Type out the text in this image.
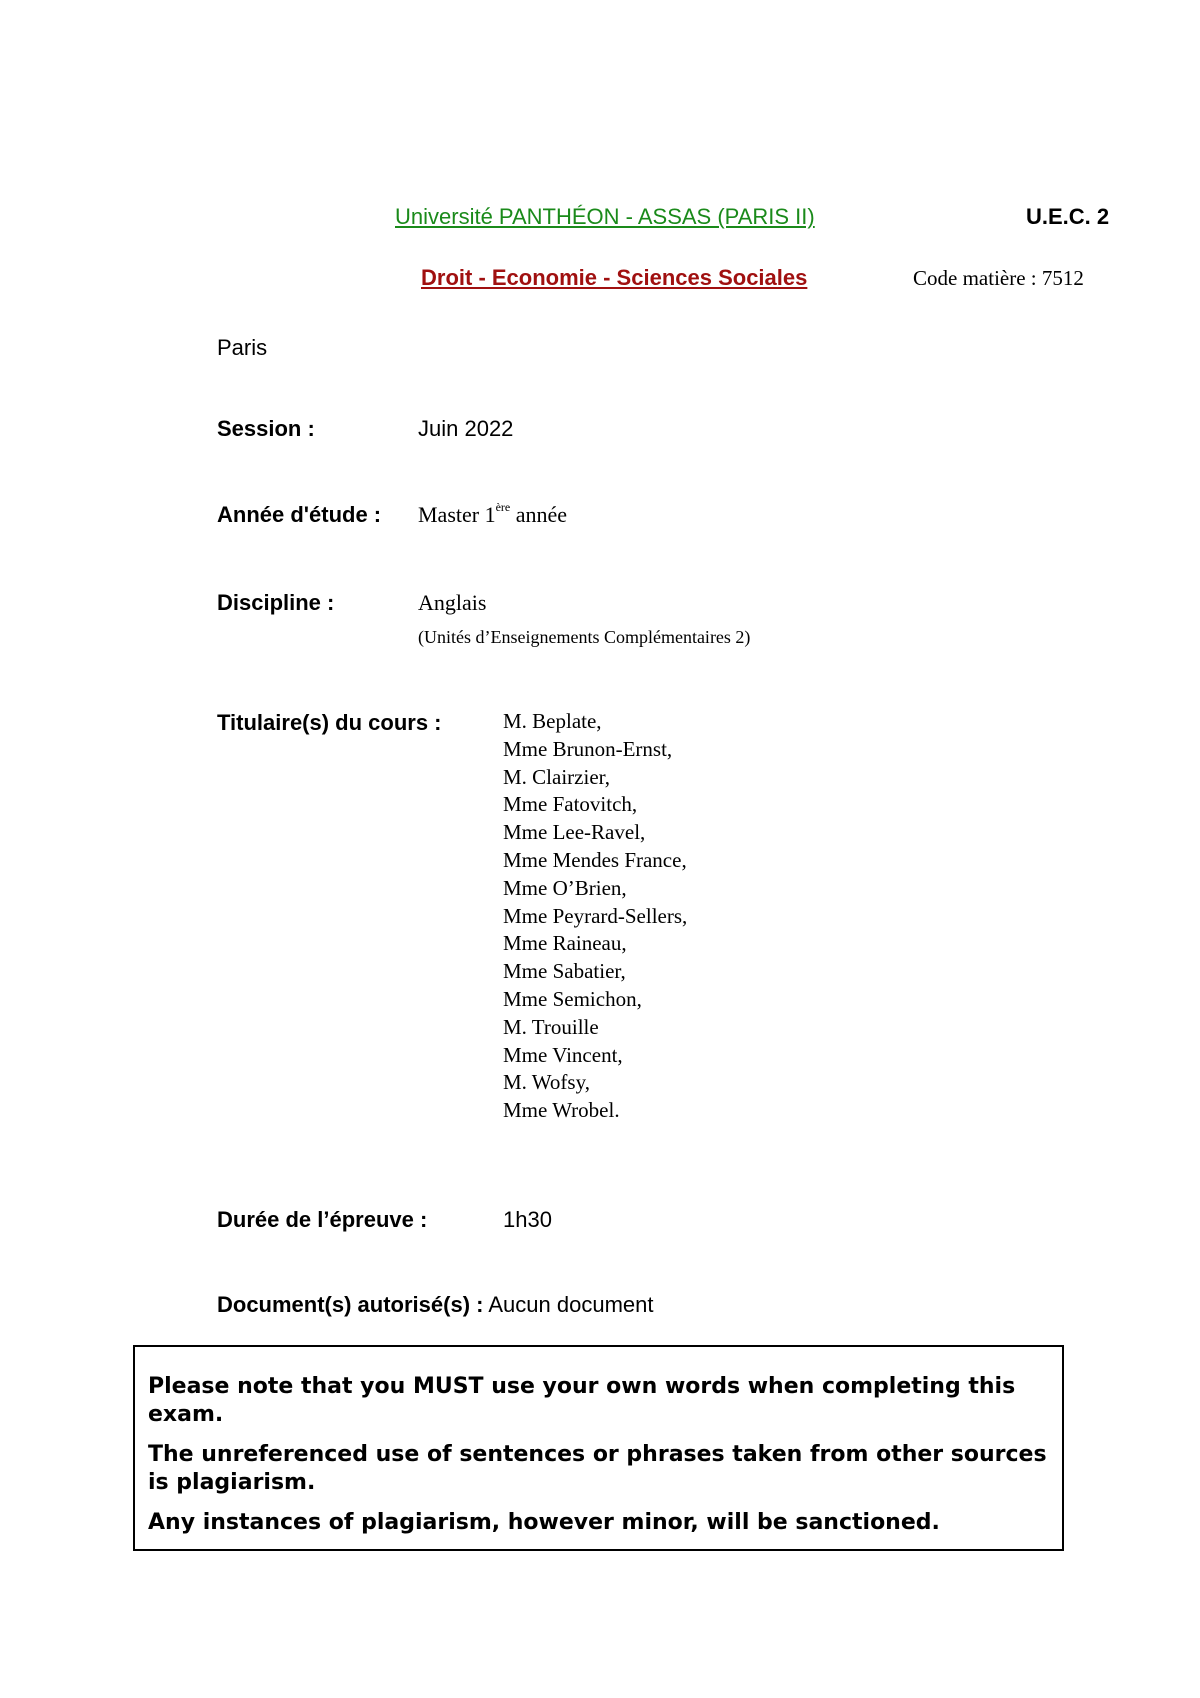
Université PANTHÉON - ASSAS (PARIS II)	U.E.C. 2
Droit - Economie - Sciences Sociales	Code matière : 7512
Paris
Session :	Juin 2022
Année d'étude : Master 1ère année
Discipline :	Anglais
(Unités d’Enseignements Complémentaires 2)
Titulaire(s) du cours :	M. Beplate,
Mme Brunon-Ernst,
M. Clairzier,
Mme Fatovitch,
Mme Lee-Ravel,
Mme Mendes France,
Mme O’Brien,
Mme Peyrard-Sellers,
Mme Raineau,
Mme Sabatier,
Mme Semichon,
M. Trouille
Mme Vincent,
M. Wofsy,
Mme Wrobel.
Durée de l’épreuve :	1h30
Document(s) autorisé(s) : Aucun document

Please note that you MUST use your own words when completing this exam.

The unreferenced use of sentences or phrases taken from other sources is plagiarism.

Any instances of plagiarism, however minor, will be sanctioned.
